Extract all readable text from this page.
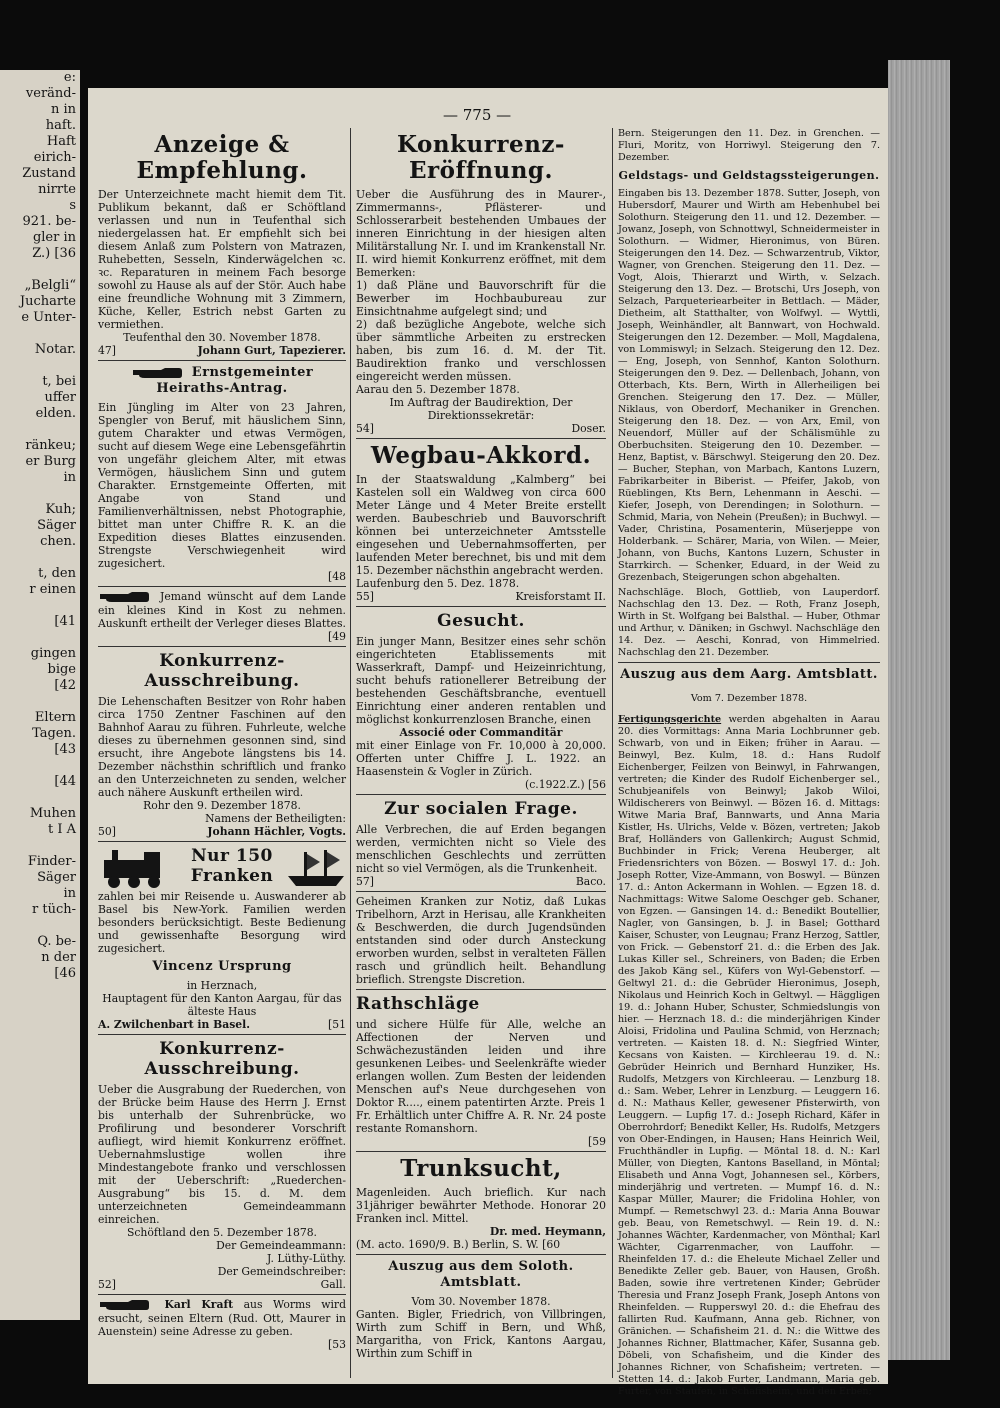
e:
veränd-
n in
haft.
Haft
eirich-
Zustand
nirrte
s
921. be-
gler in
Z.) [36

„Belgli“
Jucharte
e Unter-

Notar.

t, bei
uffer
elden.

ränkeu;
er Burg
in

Kuh;
Säger
chen.

t, den
r einen

[41

gingen
bige
[42

Eltern
Tagen.
[43

[44

Muhen
t I A

Finder-
Säger
in
r tüch-

Q. be-
n der
[46
— 775 —
Anzeige & Empfehlung.

Der Unterzeichnete macht hiemit dem Tit. Publikum bekannt, daß er Schöftland verlassen und nun in Teufenthal sich niedergelassen hat. Er empfiehlt sich bei diesem Anlaß zum Polstern von Matrazen, Ruhebetten, Sesseln, Kinderwägelchen ꝛc. ꝛc. Reparaturen in meinem Fach besorge sowohl zu Hause als auf der Stör. Auch habe eine freundliche Wohnung mit 3 Zimmern, Küche, Keller, Estrich nebst Garten zu vermiethen.

Teufenthal den 30. November 1878.

47]	Johann Gurt, Tapezierer.
Ernstgemeinter Heiraths-Antrag.

Ein Jüngling im Alter von 23 Jahren, Spengler von Beruf, mit häuslichem Sinn, gutem Charakter und etwas Vermögen, sucht auf diesem Wege eine Lebensgefährtin von ungefähr gleichem Alter, mit etwas Vermögen, häuslichem Sinn und gutem Charakter. Ernstgemeinte Offerten, mit Angabe von Stand und Familienverhältnissen, nebst Photographie, bittet man unter Chiffre R. K. an die Expedition dieses Blattes einzusenden. Strengste Verschwiegenheit wird zugesichert.

[48

Jemand wünscht auf dem Lande ein kleines Kind in Kost zu nehmen. Auskunft ertheilt der Verleger dieses Blattes.

[49

Konkurrenz-Ausschreibung.

Die Lehenschaften Besitzer von Rohr haben circa 1750 Zentner Faschinen auf den Bahnhof Aarau zu führen. Fuhrleute, welche dieses zu übernehmen gesonnen sind, sind ersucht, ihre Angebote längstens bis 14. Dezember nächsthin schriftlich und franko an den Unterzeichneten zu senden, welcher auch nähere Auskunft ertheilen wird.

Rohr den 9. Dezember 1878.

Namens der Betheiligten:

50]	Johann Hächler, Vogts.
Nur 150 Franken

zahlen bei mir Reisende u. Auswanderer ab Basel bis New-York. Familien werden besonders berücksichtigt. Beste Bedienung und gewissenhafte Besorgung wird zugesichert.

Vincenz Ursprung

in Herznach,

Hauptagent für den Kanton Aargau, für das älteste Haus

A. Zwilchenbart in Basel.	[51
Konkurrenz-Ausschreibung.

Ueber die Ausgrabung der Ruederchen, von der Brücke beim Hause des Herrn J. Ernst bis unterhalb der Suhrenbrücke, wo Profilirung und besonderer Vorschrift aufliegt, wird hiemit Konkurrenz eröffnet. Uebernahmslustige wollen ihre Mindestangebote franko und verschlossen mit der Ueberschrift: „Ruederchen-Ausgrabung“ bis 15. d. M. dem unterzeichneten Gemeindeammann einreichen.

Schöftland den 5. Dezember 1878.

Der Gemeindeammann:

J. Lüthy-Lüthy.

Der Gemeindschreiber:

52]	Gall.

Karl Kraft aus Worms wird ersucht, seinen Eltern (Rud. Ott, Maurer in Auenstein) seine Adresse zu geben.

[53

Konkurrenz-Eröffnung.

Ueber die Ausführung des in Maurer-, Zimmermanns-, Pflästerer- und Schlosserarbeit bestehenden Umbaues der inneren Einrichtung in der hiesigen alten Militärstallung Nr. I. und im Krankenstall Nr. II. wird hiemit Konkurrenz eröffnet, mit dem Bemerken:

1) daß Pläne und Bauvorschrift für die Bewerber im Hochbaubureau zur Einsichtnahme aufgelegt sind; und

2) daß bezügliche Angebote, welche sich über sämmtliche Arbeiten zu erstrecken haben, bis zum 16. d. M. der Tit. Baudirektion franko und verschlossen eingereicht werden müssen.

Aarau den 5. Dezember 1878.

Im Auftrag der Baudirektion, Der Direktionssekretär:

54]	Doser.
Wegbau-Akkord.

In der Staatswaldung „Kalmberg“ bei Kastelen soll ein Waldweg von circa 600 Meter Länge und 4 Meter Breite erstellt werden. Baubeschrieb und Bauvorschrift können bei unterzeichneter Amtsstelle eingesehen und Uebernahmsofferten, per laufenden Meter berechnet, bis und mit dem 15. Dezember nächsthin angebracht werden.

Laufenburg den 5. Dez. 1878.

55]	Kreisforstamt II.
Gesucht.

Ein junger Mann, Besitzer eines sehr schön eingerichteten Etablissements mit Wasserkraft, Dampf- und Heizeinrichtung, sucht behufs rationellerer Betreibung der bestehenden Geschäftsbranche, eventuell Einrichtung einer anderen rentablen und möglichst konkurrenzlosen Branche, einen

Associé oder Commanditär

mit einer Einlage von Fr. 10,000 à 20,000. Offerten unter Chiffre J. L. 1922. an Haasenstein & Vogler in Zürich.

(c.1922.Z.) [56

Zur socialen Frage.

Alle Verbrechen, die auf Erden begangen werden, vermichten nicht so Viele des menschlichen Geschlechts und zerrütten nicht so viel Vermögen, als die Trunkenheit.

57]	Baco.

Geheimen Kranken zur Notiz, daß Lukas Tribelhorn, Arzt in Herisau, alle Krankheiten & Beschwerden, die durch Jugendsünden entstanden sind oder durch Ansteckung erworben wurden, selbst in veralteten Fällen rasch und gründlich heilt. Behandlung brieflich. Strengste Discretion.

Rathschläge

und sichere Hülfe für Alle, welche an Affectionen der Nerven und Schwächezuständen leiden und ihre gesunkenen Leibes- und Seelenkräfte wieder erlangen wollen. Zum Besten der leidenden Menschen auf's Neue durchgesehen von Doktor R...., einem patentirten Arzte. Preis 1 Fr. Erhältlich unter Chiffre A. R. Nr. 24 poste restante Romanshorn.

[59

Trunksucht,

Magenleiden. Auch brieflich. Kur nach 31jähriger bewährter Methode. Honorar 20 Franken incl. Mittel.

Dr. med. Heymann,

(M. acto. 1690/9. B.) Berlin, S. W. [60

Auszug aus dem Soloth. Amtsblatt.

Vom 30. November 1878.

Ganten. Bigler, Friedrich, von Villbringen, Wirth zum Schiff in Bern, und Whß, Margaritha, von Frick, Kantons Aargau, Wirthin zum Schiff in

Bern. Steigerungen den 11. Dez. in Grenchen. — Fluri, Moritz, von Horriwyl. Steigerung den 7. Dezember.

Geldstags- und Geldstagssteigerungen.

Eingaben bis 13. Dezember 1878. Sutter, Joseph, von Hubersdorf, Maurer und Wirth am Hebenhubel bei Solothurn. Steigerung den 11. und 12. Dezember. — Jowanz, Joseph, von Schnottwyl, Schneidermeister in Solothurn. — Widmer, Hieronimus, von Büren. Steigerungen den 14. Dez. — Schwarzentrub, Viktor, Wagner, von Grenchen. Steigerung den 11. Dez. — Vogt, Alois, Thierarzt und Wirth, v. Selzach. Steigerung den 13. Dez. — Brotschi, Urs Joseph, von Selzach, Parqueteriearbeiter in Bettlach. — Mäder, Dietheim, alt Statthalter, von Wolfwyl. — Wyttli, Joseph, Weinhändler, alt Bannwart, von Hochwald. Steigerungen den 12. Dezember. — Moll, Magdalena, von Lommiswyl; in Selzach. Steigerung den 12. Dez. — Eng, Joseph, von Sennhof, Kanton Solothurn. Steigerungen den 9. Dez. — Dellenbach, Johann, von Otterbach, Kts. Bern, Wirth in Allerheiligen bei Grenchen. Steigerung den 17. Dez. — Müller, Niklaus, von Oberdorf, Mechaniker in Grenchen. Steigerung den 18. Dez. — von Arx, Emil, von Neuendorf, Müller auf der Schälismühle zu Oberbuchsiten. Steigerung den 10. Dezember. — Henz, Baptist, v. Bärschwyl. Steigerung den 20. Dez. — Bucher, Stephan, von Marbach, Kantons Luzern, Fabrikarbeiter in Biberist. — Pfeifer, Jakob, von Rüeblingen, Kts Bern, Lehenmann in Aeschi. — Kiefer, Joseph, von Derendingen; in Solothurn. — Schmid, Maria, von Nehein (Preußen); in Buchwyl. — Vader, Christina, Posamenterin, Müserjeppe von Holderbank. — Schärer, Maria, von Wilen. — Meier, Johann, von Buchs, Kantons Luzern, Schuster in Starrkirch. — Schenker, Eduard, in der Weid zu Grezenbach, Steigerungen schon abgehalten.

Nachschläge. Bloch, Gottlieb, von Lauperdorf. Nachschlag den 13. Dez. — Roth, Franz Joseph, Wirth in St. Wolfgang bei Balsthal. — Huber, Othmar und Arthur, v. Däniken; in Gschwyl. Nachschläge den 14. Dez. — Aeschi, Konrad, von Himmelried. Nachschlag den 21. Dezember.

Auszug aus dem Aarg. Amtsblatt.

Vom 7. Dezember 1878.

Fertigungsgerichte werden abgehalten in Aarau 20. dies Vormittags: Anna Maria Lochbrunner geb. Schwarb, von und in Eiken; früher in Aarau. — Beinwyl, Bez. Kulm, 18. d.: Hans Rudolf Eichenberger, Feilzen von Beinwyl, in Fahrwangen, vertreten; die Kinder des Rudolf Eichenberger sel., Schubjeanifels von Beinwyl; Jakob Wiloi, Wildischerers von Beinwyl. — Bözen 16. d. Mittags: Witwe Maria Braf, Bannwarts, und Anna Maria Kistler, Hs. Ulrichs, Velde v. Bözen, vertreten; Jakob Braf, Holländers von Gallenkirch; August Schmid, Buchbinder in Frick; Verena Heuberger, alt Friedensrichters von Bözen. — Boswyl 17. d.: Joh. Joseph Rotter, Vize-Ammann, von Boswyl. — Bünzen 17. d.: Anton Ackermann in Wohlen. — Egzen 18. d. Nachmittags: Witwe Salome Oeschger geb. Schaner, von Egzen. — Gansingen 14. d.: Benedikt Boutellier, Nagler, von Gansingen, b. J. in Basel; Gotthard Kaiser, Schuster, von Leugnau; Franz Herzog, Sattler, von Frick. — Gebenstorf 21. d.: die Erben des Jak. Lukas Killer sel., Schreiners, von Baden; die Erben des Jakob Käng sel., Küfers von Wyl-Gebenstorf. — Geltwyl 21. d.: die Gebrüder Hieronimus, Joseph, Nikolaus und Heinrich Koch in Geltwyl. — Häggligen 19. d.: Johann Huber, Schuster, Schmiedslungis von hier. — Herznach 18. d.: die minderjährigen Kinder Aloisi, Fridolina und Paulina Schmid, von Herznach; vertreten. — Kaisten 18. d. N.: Siegfried Winter, Kecsans von Kaisten. — Kirchleerau 19. d. N.: Gebrüder Heinrich und Bernhard Hunziker, Hs. Rudolfs, Metzgers von Kirchleerau. — Lenzburg 18. d.: Sam. Weber, Lehrer in Lenzburg. — Leuggern 16. d. N.: Mathaus Keller, gewesener Pfisterwirth, von Leuggern. — Lupfig 17. d.: Joseph Richard, Käfer in Oberrohrdorf; Benedikt Keller, Hs. Rudolfs, Metzgers von Ober-Endingen, in Hausen; Hans Heinrich Weil, Fruchthändler in Lupfig. — Möntal 18. d. N.: Karl Müller, von Diegten, Kantons Baselland, in Möntal; Elisabeth und Anna Vogt, Johannesen sel., Körbers, minderjährig und vertreten. — Mumpf 16. d. N.: Kaspar Müller, Maurer; die Fridolina Hohler, von Mumpf. — Remetschwyl 23. d.: Maria Anna Bouwar geb. Beau, von Remetschwyl. — Rein 19. d. N.: Johannes Wächter, Kardenmacher, von Mönthal; Karl Wächter, Cigarrenmacher, von Lauffohr. — Rheinfelden 17. d.: die Eheleute Michael Zeller und Benedikte Zeller geb. Bauer, von Hausen, Großh. Baden, sowie ihre vertretenen Kinder; Gebrüder Theresia und Franz Joseph Frank, Joseph Antons von Rheinfelden. — Rupperswyl 20. d.: die Ehefrau des fallirten Rud. Kaufmann, Anna geb. Richner, von Gränichen. — Schafisheim 21. d. N.: die Wittwe des Johannes Richner, Blattmacher, Käfer, Susanna geb. Döbeli, von Schafisheim, und die Kinder des Johannes Richner, von Schafisheim; vertreten. — Stetten 14. d.: Jakob Furter, Landmann, Maria geb. Furter, von Staufen, in Schafisheim, und den Erben;
